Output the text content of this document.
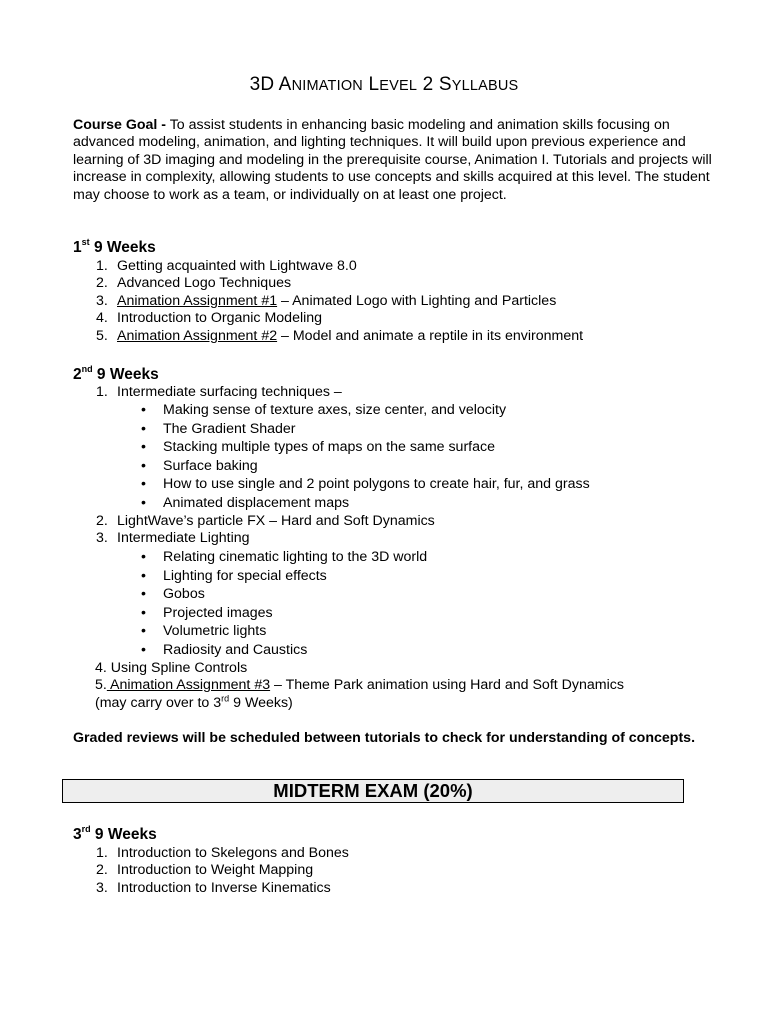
3D ANIMATION LEVEL 2 SYLLABUS
Course Goal - To assist students in enhancing basic modeling and animation skills focusing on advanced modeling, animation, and lighting techniques. It will build upon previous experience and learning of 3D imaging and modeling in the prerequisite course, Animation I. Tutorials and projects will increase in complexity, allowing students to use concepts and skills acquired at this level. The student may choose to work as a team, or individually on at least one project.
1st 9 Weeks
1. Getting acquainted with Lightwave 8.0
2. Advanced Logo Techniques
3. Animation Assignment #1 – Animated Logo with Lighting and Particles
4. Introduction to Organic Modeling
5. Animation Assignment #2 – Model and animate a reptile in its environment
2nd 9 Weeks
1. Intermediate surfacing techniques –
• Making sense of texture axes, size center, and velocity
• The Gradient Shader
• Stacking multiple types of maps on the same surface
• Surface baking
• How to use single and 2 point polygons to create hair, fur, and grass
• Animated displacement maps
2. LightWave’s particle FX – Hard and Soft Dynamics
3. Intermediate Lighting
• Relating cinematic lighting to the 3D world
• Lighting for special effects
• Gobos
• Projected images
• Volumetric lights
• Radiosity and Caustics
4. Using Spline Controls
5. Animation Assignment #3 – Theme Park animation using Hard and Soft Dynamics
(may carry over to 3rd 9 Weeks)
Graded reviews will be scheduled between tutorials to check for understanding of concepts.
MIDTERM EXAM (20%)
3rd 9 Weeks
1. Introduction to Skelegons and Bones
2. Introduction to Weight Mapping
3. Introduction to Inverse Kinematics
